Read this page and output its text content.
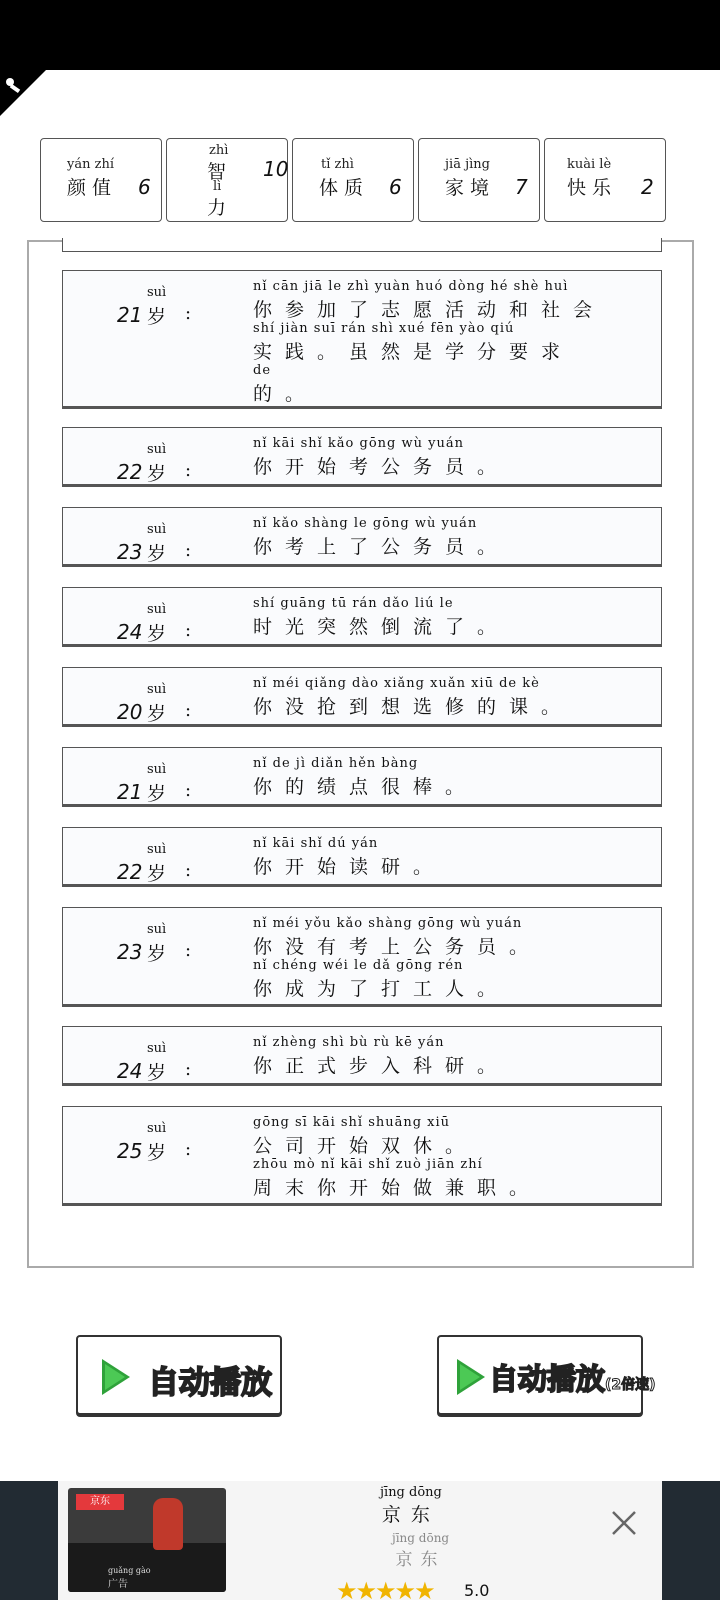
yán zhí
颜值 6
zhì
智
lì
力
10	tǐ zhì
体质 6
jiā jìng
家境 7
kuài lè
快乐 2
suì
21 岁 :
nǐ cān jiā le zhì yuàn huó dòng hé shè huì
你参加了志愿活动和社会
shí jiàn suī rán shì xué fēn yào qiú
实践。虽然是学分要求
de
的。
suì
22 岁 :
nǐ kāi shǐ kǎo gōng wù yuán
你开始考公务员。
suì
23 岁 :
nǐ kǎo shàng le gōng wù yuán
你考上了公务员。
suì
24 岁 :
shí guāng tū rán dǎo liú le
时光突然倒流了。
suì
20 岁 :
nǐ méi qiǎng dào xiǎng xuǎn xiū de kè
你没抢到想选修的课。
suì
21 岁 :
nǐ de jì diǎn hěn bàng
你的绩点很棒。
suì
22 岁 :
nǐ kāi shǐ dú yán
你开始读研。
suì
23 岁 :
nǐ méi yǒu kǎo shàng gōng wù yuán
你没有考上公务员。
nǐ chéng wéi le dǎ gōng rén
你成为了打工人。
suì
24 岁 :
nǐ zhèng shì bù rù kē yán
你正式步入科研。
suì
25 岁 :
gōng sī kāi shǐ shuāng xiū
公司开始双休。
zhōu mò nǐ kāi shǐ zuò jiān zhí
周末你开始做兼职。
自动播放	自动播放(2倍速)
京东
guǎng gào
广告
jīng dōng
京东
jīng dōng
京东
★★★★★ 5.0
